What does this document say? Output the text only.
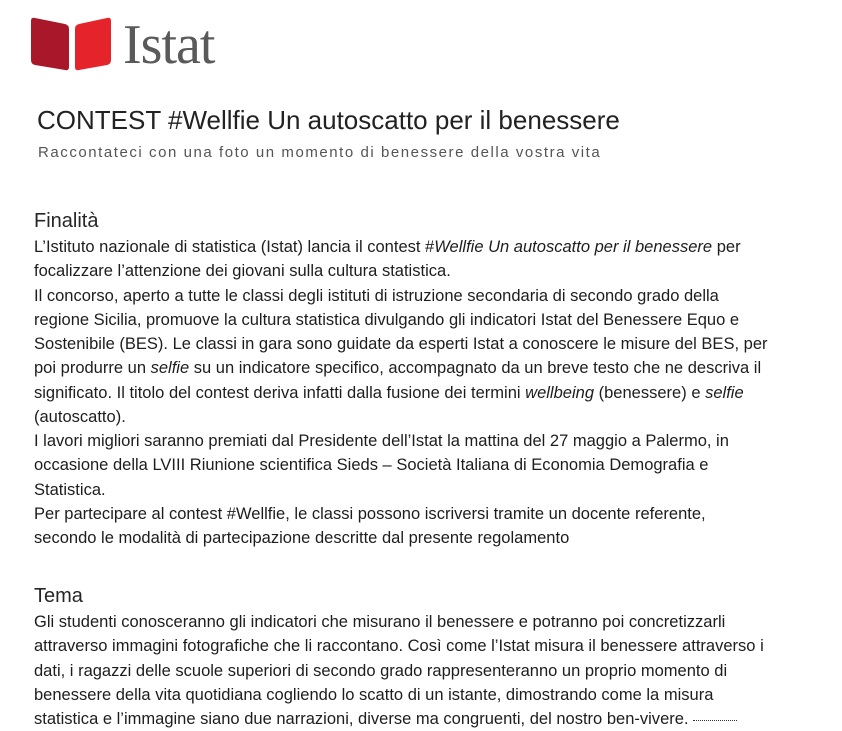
Istat
CONTEST #Wellfie Un autoscatto per il benessere
Raccontateci con una foto un momento di benessere della vostra vita
Finalità
L’Istituto nazionale di statistica (Istat) lancia il contest #Wellfie Un autoscatto per il benessere per
focalizzare l’attenzione dei giovani sulla cultura statistica.
Il concorso, aperto a tutte le classi degli istituti di istruzione secondaria di secondo grado della
regione Sicilia, promuove la cultura statistica divulgando gli indicatori Istat del Benessere Equo e
Sostenibile (BES). Le classi in gara sono guidate da esperti Istat a conoscere le misure del BES, per
poi produrre un selfie su un indicatore specifico, accompagnato da un breve testo che ne descriva il
significato. Il titolo del contest deriva infatti dalla fusione dei termini wellbeing (benessere) e selfie
(autoscatto).
I lavori migliori saranno premiati dal Presidente dell’Istat la mattina del 27 maggio a Palermo, in
occasione della LVIII Riunione scientifica Sieds – Società Italiana di Economia Demografia e
Statistica.
Per partecipare al contest #Wellfie, le classi possono iscriversi tramite un docente referente,
secondo le modalità di partecipazione descritte dal presente regolamento
Tema
Gli studenti conosceranno gli indicatori che misurano il benessere e potranno poi concretizzarli
attraverso immagini fotografiche che li raccontano. Così come l’Istat misura il benessere attraverso i
dati, i ragazzi delle scuole superiori di secondo grado rappresenteranno un proprio momento di
benessere della vita quotidiana cogliendo lo scatto di un istante, dimostrando come la misura
statistica e l’immagine siano due narrazioni, diverse ma congruenti, del nostro ben-vivere.
